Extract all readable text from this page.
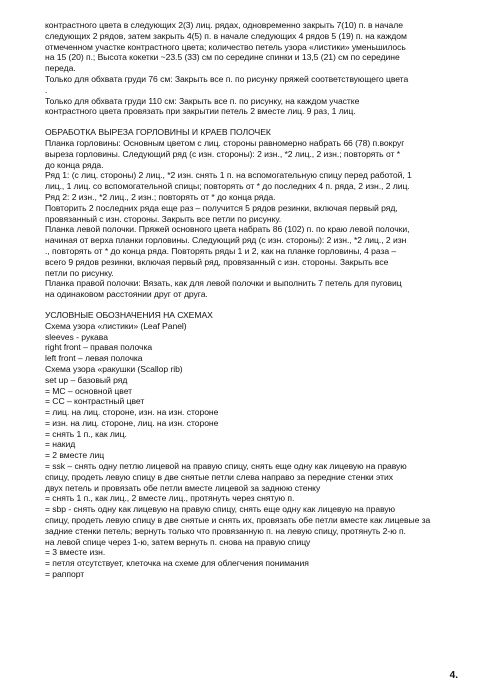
контрастного цвета в следующих 2(3) лиц. рядах, одновременно закрыть 7(10) п. в начале

следующих 2 рядов, затем закрыть 4(5) п. в начале следующих 4 рядов 5 (19) п. на каждом

отмеченном участке контрастного цвета; количество петель узора «листики» уменьшилось

на 15 (20) п.; Высота кокетки ~23.5 (33) см по середине спинки и 13,5 (21) см по середине

переда.

Только для обхвата груди 76 см: Закрыть все п. по рисунку пряжей соответствующего цвета

.

Только для обхвата груди 110 см: Закрыть все п. по рисунку, на каждом участке

контрастного цвета провязать при закрытии петель 2 вместе лиц. 9 раз, 1 лиц.

ОБРАБОТКА ВЫРЕЗА ГОРЛОВИНЫ И КРАЕВ ПОЛОЧЕК

Планка горловины: Основным цветом с лиц. стороны равномерно набрать 66 (78) п.вокруг

выреза горловины. Следующий ряд (с изн. стороны): 2 изн., *2 лиц., 2 изн.; повторять от *

до конца ряда.

Ряд 1: (с лиц. стороны) 2 лиц., *2 изн. снять 1 п. на вспомогательную спицу перед работой, 1

лиц., 1 лиц. со вспомогательной спицы; повторять от * до последних 4 п. ряда, 2 изн., 2 лиц.

Ряд 2: 2 изн., *2 лиц., 2 изн.; повторять от * до конца ряда.

Повторить 2 последних ряда еще раз – получится 5 рядов резинки, включая первый ряд,

провязанный с изн. стороны. Закрыть все петли по рисунку.

Планка левой полочки. Пряжей основного цвета набрать 86 (102) п. по краю левой полочки,

начиная от верха планки горловины. Следующий ряд (с изн. стороны): 2 изн., *2 лиц., 2 изн

., повторять от * до конца ряда. Повторять ряды 1 и 2, как на планке горловины, 4 раза –

всего 9 рядов резинки, включая первый ряд, провязанный с изн. стороны. Закрыть все

петли по рисунку.

Планка правой полочки: Вязать, как для левой полочки и выполнить 7 петель для пуговиц

на одинаковом расстоянии друг от друга.

УСЛОВНЫЕ ОБОЗНАЧЕНИЯ НА СХЕМАХ

Схема узора «листики» (Leaf Panel)

sleeves - рукава

right front – правая полочка

left front – левая полочка

Схема узора «ракушки (Scallop rib)

set up – базовый ряд

= МС – основной цвет

= СС – контрастный цвет

= лиц. на лиц. стороне, изн. на изн. стороне

= изн. на лиц. стороне, лиц. на изн. стороне

= снять 1 п., как лиц.

= накид

= 2 вместе лиц

= ssk – снять одну петлю лицевой на правую спицу, снять еще одну как лицевую на правую

спицу, продеть левую спицу в две снятые петли слева направо за передние стенки этих

двух петель и провязать обе петли вместе лицевой за заднюю стенку

= снять 1 п., как лиц., 2 вместе лиц., протянуть через снятую п.

= sbp - снять одну как лицевую на правую спицу, снять еще одну как лицевую на правую

спицу, продеть левую спицу в две снятые и снять их, провязать обе петли вместе как лицевые за

задние стенки петель; вернуть только что провязанную п. на левую спицу, протянуть 2-ю п.

на левой спице через 1-ю, затем вернуть п. снова на правую спицу

= 3 вместе изн.

= петля отсутствует, клеточка на схеме для облегчения понимания

= раппорт

4.
